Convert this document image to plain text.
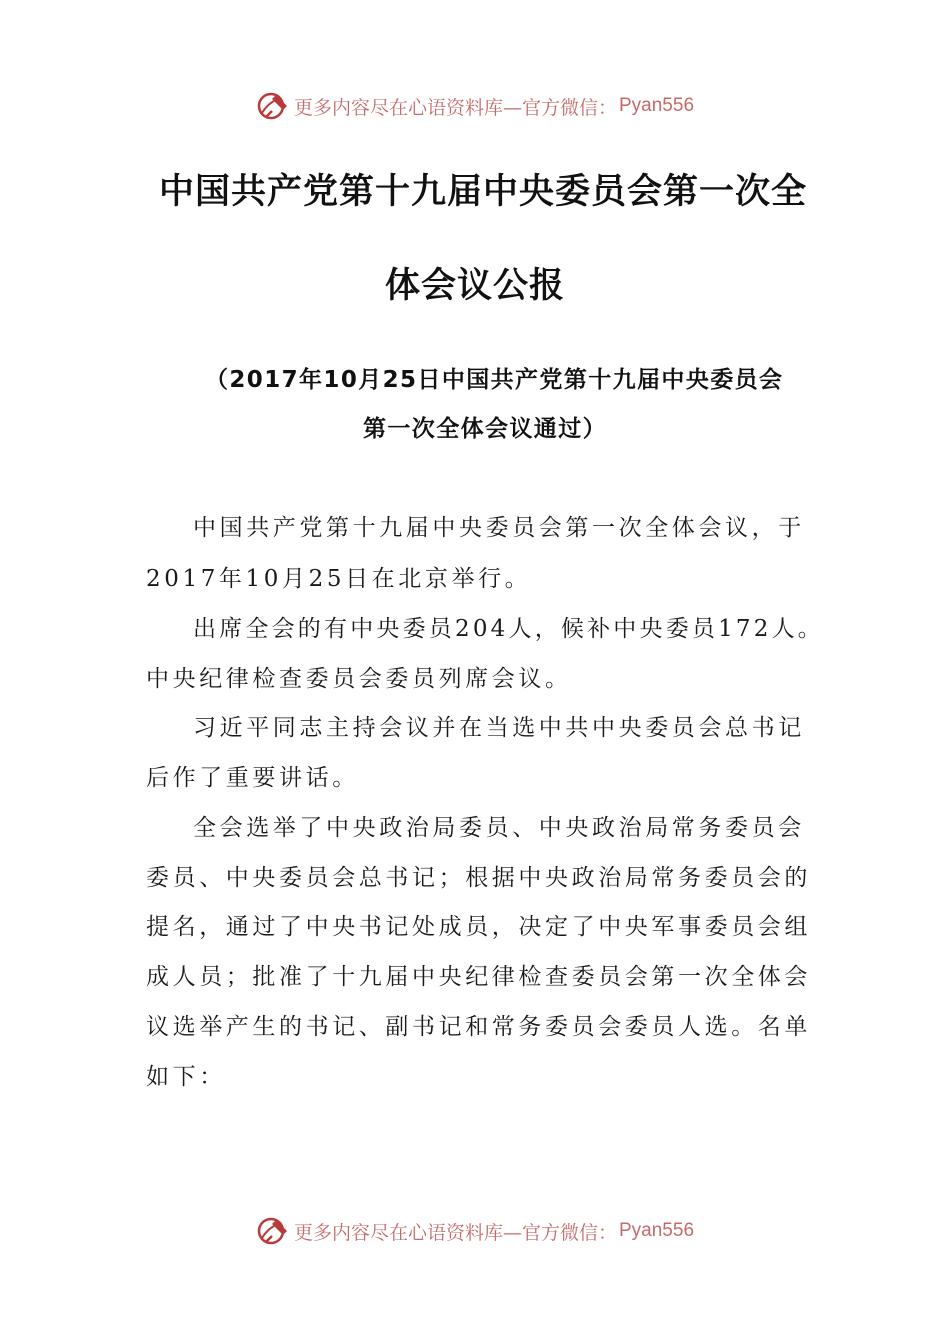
更多内容尽在心语资料库—官方微信： Pyan556
中国共产党第十九届中央委员会第一次全
体会议公报
（2017年10月25日中国共产党第十九届中央委员会
第一次全体会议通过）
中国共产党第十九届中央委员会第一次全体会议，于
2017年10月25日在北京举行。
出席全会的有中央委员204人，候补中央委员172人。
中央纪律检查委员会委员列席会议。
习近平同志主持会议并在当选中共中央委员会总书记
后作了重要讲话。
全会选举了中央政治局委员、中央政治局常务委员会
委员、中央委员会总书记；根据中央政治局常务委员会的
提名，通过了中央书记处成员，决定了中央军事委员会组
成人员；批准了十九届中央纪律检查委员会第一次全体会
议选举产生的书记、副书记和常务委员会委员人选。名单
如下：
更多内容尽在心语资料库—官方微信： Pyan556
